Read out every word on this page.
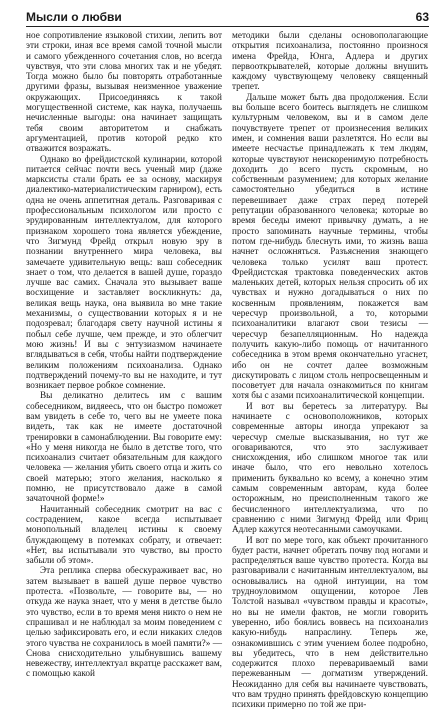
Мысли о любви	63

ное сопротивление языковой стихии, лепить вот эти строки, иная все время самой точной мысли и самого убежденного сочетания слов, но всегда чувствуя, что эти слова многих так и не убедят. Тогда можно было бы повторять отработанные другими фразы, вызывая неизменное уважение окружающих. Присоединяясь к такой могущественной системе, как наука, получаешь нечисленные выгоды: она начинает защищать тебя своим авторитетом и снабжать аргументацией, против которой редко кто отважится возражать.

Однако во фрейдистской кулинарии, которой питается сейчас почти весь ученый мир (даже марксисты стали брать ее за основу, маскируя диалектико-материалистическим гарниром), есть одна не очень аппетитная деталь. Разговаривая с профессиональным психологом или просто с эрудированным интеллектуалом, для которого признаком хорошего тона является убеждение, что Зигмунд Фрейд открыл новую эру в познании внутреннего мира человека, вы замечаете удивительную вещь: ваш собеседник знает о том, что делается в вашей душе, гораздо лучше вас самих. Сначала это вызывает ваше восхищение и заставляет воскликнуть: да, великая вещь наука, она выявила во мне такие механизмы, о существовании которых я и не подозревал; благодаря свету научной истины я побыл себе лучше, чем прежде, и это облегчит мою жизнь! И вы с энтузиазмом начинаете вглядываться в себя, чтобы найти подтверждение великим положениям психоанализа. Однако подтверждений почему-то вы не находите, и тут возникает первое робкое сомнение.

Вы деликатно делитесь им с вашим собеседником, видяеесь, что он быстро поможет вам увидеть в себе то, чего вы не умеете пока видеть, так как не имеете достаточной тренировки в самонаблюдении. Вы говорите ему: «Но у меня никогда не было в детстве того, что психоанализ считает обязательным для каждого человека — желания убить своего отца и жить со своей матерью; этого желания, насколько я помню, не присутствовало даже в самой зачаточной форме!»

Начитанный собеседник смотрит на вас с сострадением, какое всегда испытывает монопольный владелец истины к своему блуждающему в потемках собрату, и отвечает: «Нет, вы испытывали это чувство, вы просто забыли об этом».

Эта реплика сперва обескураживает вас, но затем вызывает в вашей душе первое чувство протеста. «Позвольте, — говорите вы, — но откуда же наука знает, что у меня в детстве было это чувство, если в то время меня никто о нем не спрашивал и не наблюдал за моим поведением с целью зафиксировать его, и если никаких следов этого чувства не сохранилось в моей памяти?» — Снова снисходительно улыбнувшись вашему невежеству, интеллектуал вкратце расскажет вам, с помощью какой

методики были сделаны основополагающие открытия психоанализа, постоянно произнося имена Фрейда, Юнга, Адлера и других первооткрывателей, которые должны внушить каждому чувствующему человеку священный трепет.

Дальше может быть два продолжения. Если вы больше всего боитесь выглядеть не слишком культурным человеком, вы и в самом деле почувствуете трепет от произнесения великих имен, и сомнения ваши разлетятся. Но если вы имеете несчастье принадлежать к тем людям, которые чувствуют неискоренимую потребность доходить до всего пусть скромным, но собственным разумением; для которых желание самостоятельно убедиться в истине перевешивает даже страх перед потерей репутации образованного человека; которые во время беседы имеют привычку думать, а не просто запоминать научные термины, чтобы потом где-нибудь блеснуть ими, то жизнь ваша начнет осложняться. Разъяснения знающего человека только усилят ваш протест. Фрейдистская трактовка поведенческих актов маленьких детей, которых нельзя спросить об их чувствах и нужно догадываться о них по косвенным проявлениям, покажется вам чересчур произвольной, а то, которыми психоаналитики влагают свои тезисы — чересчур безапелляционным. Но надежда получить какую-либо помощь от начитанного собеседника в этом время окончательно угаснет, ибо он не сочтет далее возможным дискутировать с лицом столь непросвещенным и посоветует для начала ознакомиться по книгам хотя бы с азами психоаналитической концепции.

И вот вы беретесь за литературу. Вы начинаете с основоположников, которых современные авторы иногда упрекают за чересчур смелые высказывания, но тут же оговариваются, что это заслуживает снисхождения, ибо слишком многое так или иначе было, что его невольно хотелось применить буквально ко всему, а конечно этим самым современным авторам, куда более осторожным, но преисполненным такого же бесчисленного интеллектуализма, что по сравнению с ними Зигмунд Фрейд или Фриц Адлер кажутся неотесанными самоучками.

И вот по мере того, как объект прочитанного будет расти, начнет обретать почву под ногами и распределяться ваше чувство протеста. Когда вы разговаривали с начитанным интеллектуалом, вы основывались на одной интуиции, на том трудноуловимом ощущении, которое Лев Толстой называл «чувством правды и красоты», но вы не имели фактов, не могли говорить уверенно, ибо боялись воввесь на психоанализ какую-нибудь напраслину. Теперь же, ознакомившись с этим учением более подробно, вы убедитесь, что в нем действительно содержится плохо перевариваемый вами пережеванным — догматизм утверждений. Неожиданно для себя вы начинаете чувствовать, что вам трудно принять фрейдовскую концепцию психики примерно по той же при-
